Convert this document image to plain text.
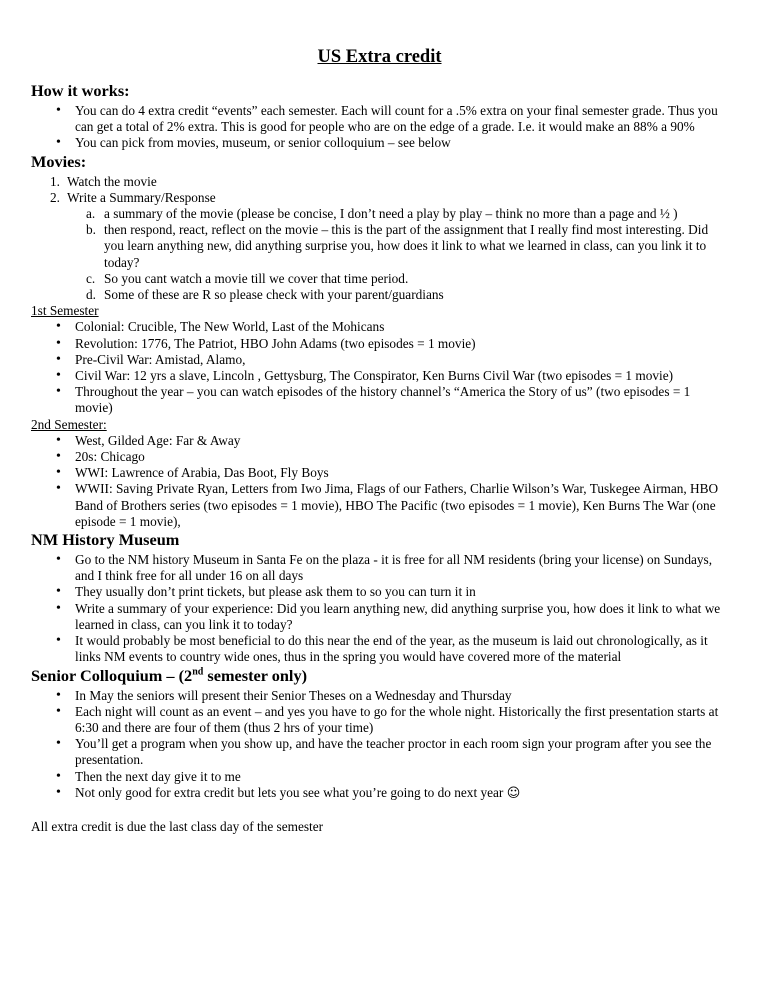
US Extra credit
How it works:
• You can do 4 extra credit “events” each semester. Each will count for a .5% extra on your final semester grade. Thus you can get a total of 2% extra. This is good for people who are on the edge of a grade. I.e. it would make an 88% a 90%
• You can pick from movies, museum, or senior colloquium – see below
Movies:
1. Watch the movie
2. Write a Summary/Response
a. a summary of the movie (please be concise, I don’t need a play by play – think no more than a page and ½ )
b. then respond, react, reflect on the movie – this is the part of the assignment that I really find most interesting. Did you learn anything new, did anything surprise you, how does it link to what we learned in class, can you link it to today?
c. So you cant watch a movie till we cover that time period.
d. Some of these are R so please check with your parent/guardians
1st Semester
• Colonial: Crucible, The New World, Last of the Mohicans
• Revolution: 1776, The Patriot, HBO John Adams (two episodes = 1 movie)
• Pre-Civil War: Amistad, Alamo,
• Civil War: 12 yrs a slave, Lincoln , Gettysburg, The Conspirator, Ken Burns Civil War (two episodes = 1 movie)
• Throughout the year – you can watch episodes of the history channel’s “America the Story of us” (two episodes = 1 movie)
2nd Semester:
• West, Gilded Age: Far & Away
• 20s: Chicago
• WWI: Lawrence of Arabia, Das Boot, Fly Boys
• WWII: Saving Private Ryan, Letters from Iwo Jima, Flags of our Fathers, Charlie Wilson’s War, Tuskegee Airman, HBO Band of Brothers series (two episodes = 1 movie), HBO The Pacific (two episodes = 1 movie), Ken Burns The War (one episode = 1 movie),
NM History Museum
• Go to the NM history Museum in Santa Fe on the plaza - it is free for all NM residents (bring your license) on Sundays, and I think free for all under 16 on all days
• They usually don’t print tickets, but please ask them to so you can turn it in
• Write a summary of your experience: Did you learn anything new, did anything surprise you, how does it link to what we learned in class, can you link it to today?
• It would probably be most beneficial to do this near the end of the year, as the museum is laid out chronologically, as it links NM events to country wide ones, thus in the spring you would have covered more of the material
Senior Colloquium – (2nd semester only)
• In May the seniors will present their Senior Theses on a Wednesday and Thursday
• Each night will count as an event – and yes you have to go for the whole night. Historically the first presentation starts at 6:30 and there are four of them (thus 2 hrs of your time)
• You’ll get a program when you show up, and have the teacher proctor in each room sign your program after you see the presentation.
• Then the next day give it to me
• Not only good for extra credit but lets you see what you’re going to do next year ☺
All extra credit is due the last class day of the semester
